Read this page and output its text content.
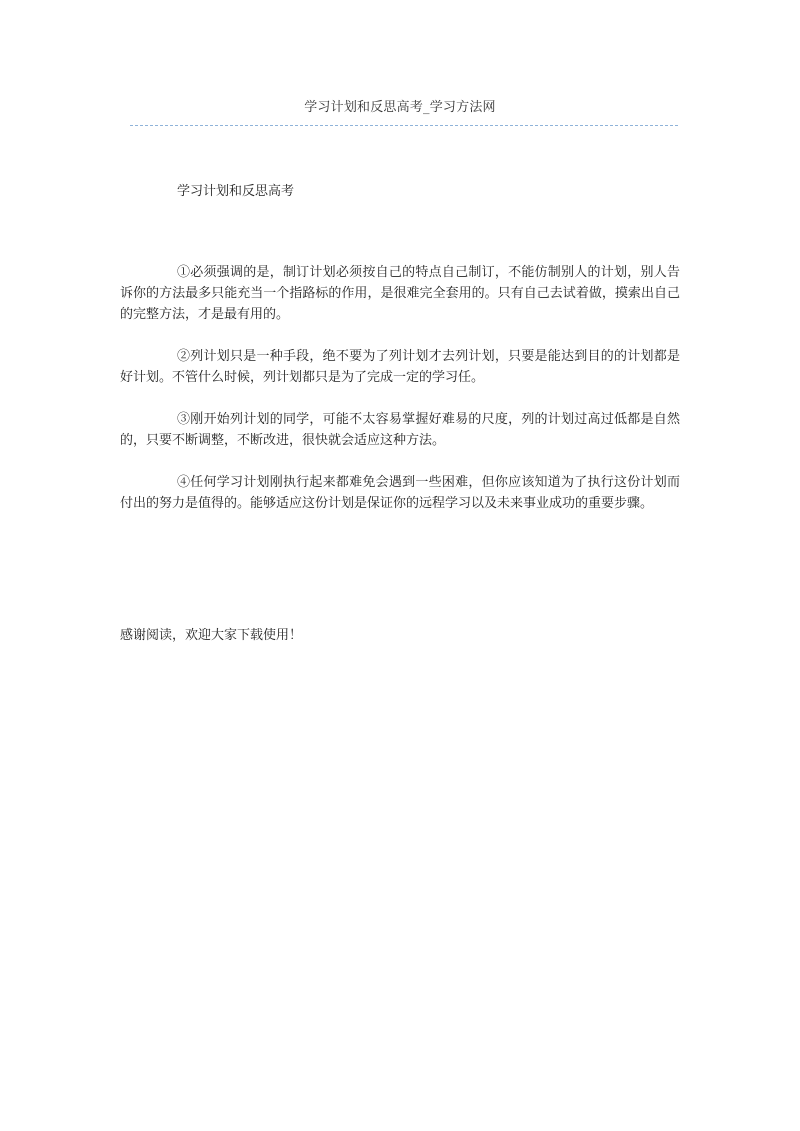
学习计划和反思高考_学习方法网
学习计划和反思高考

①必须强调的是，制订计划必须按自己的特点自己制订，不能仿制别人的计划，别人告诉你的方法最多只能充当一个指路标的作用，是很难完全套用的。只有自己去试着做，摸索出自己的完整方法，才是最有用的。

②列计划只是一种手段，绝不要为了列计划才去列计划，只要是能达到目的的计划都是好计划。不管什么时候，列计划都只是为了完成一定的学习任。

③刚开始列计划的同学，可能不太容易掌握好难易的尺度，列的计划过高过低都是自然的，只要不断调整，不断改进，很快就会适应这种方法。

④任何学习计划刚执行起来都难免会遇到一些困难，但你应该知道为了执行这份计划而付出的努力是值得的。能够适应这份计划是保证你的远程学习以及未来事业成功的重要步骤。

感谢阅读，欢迎大家下载使用！
